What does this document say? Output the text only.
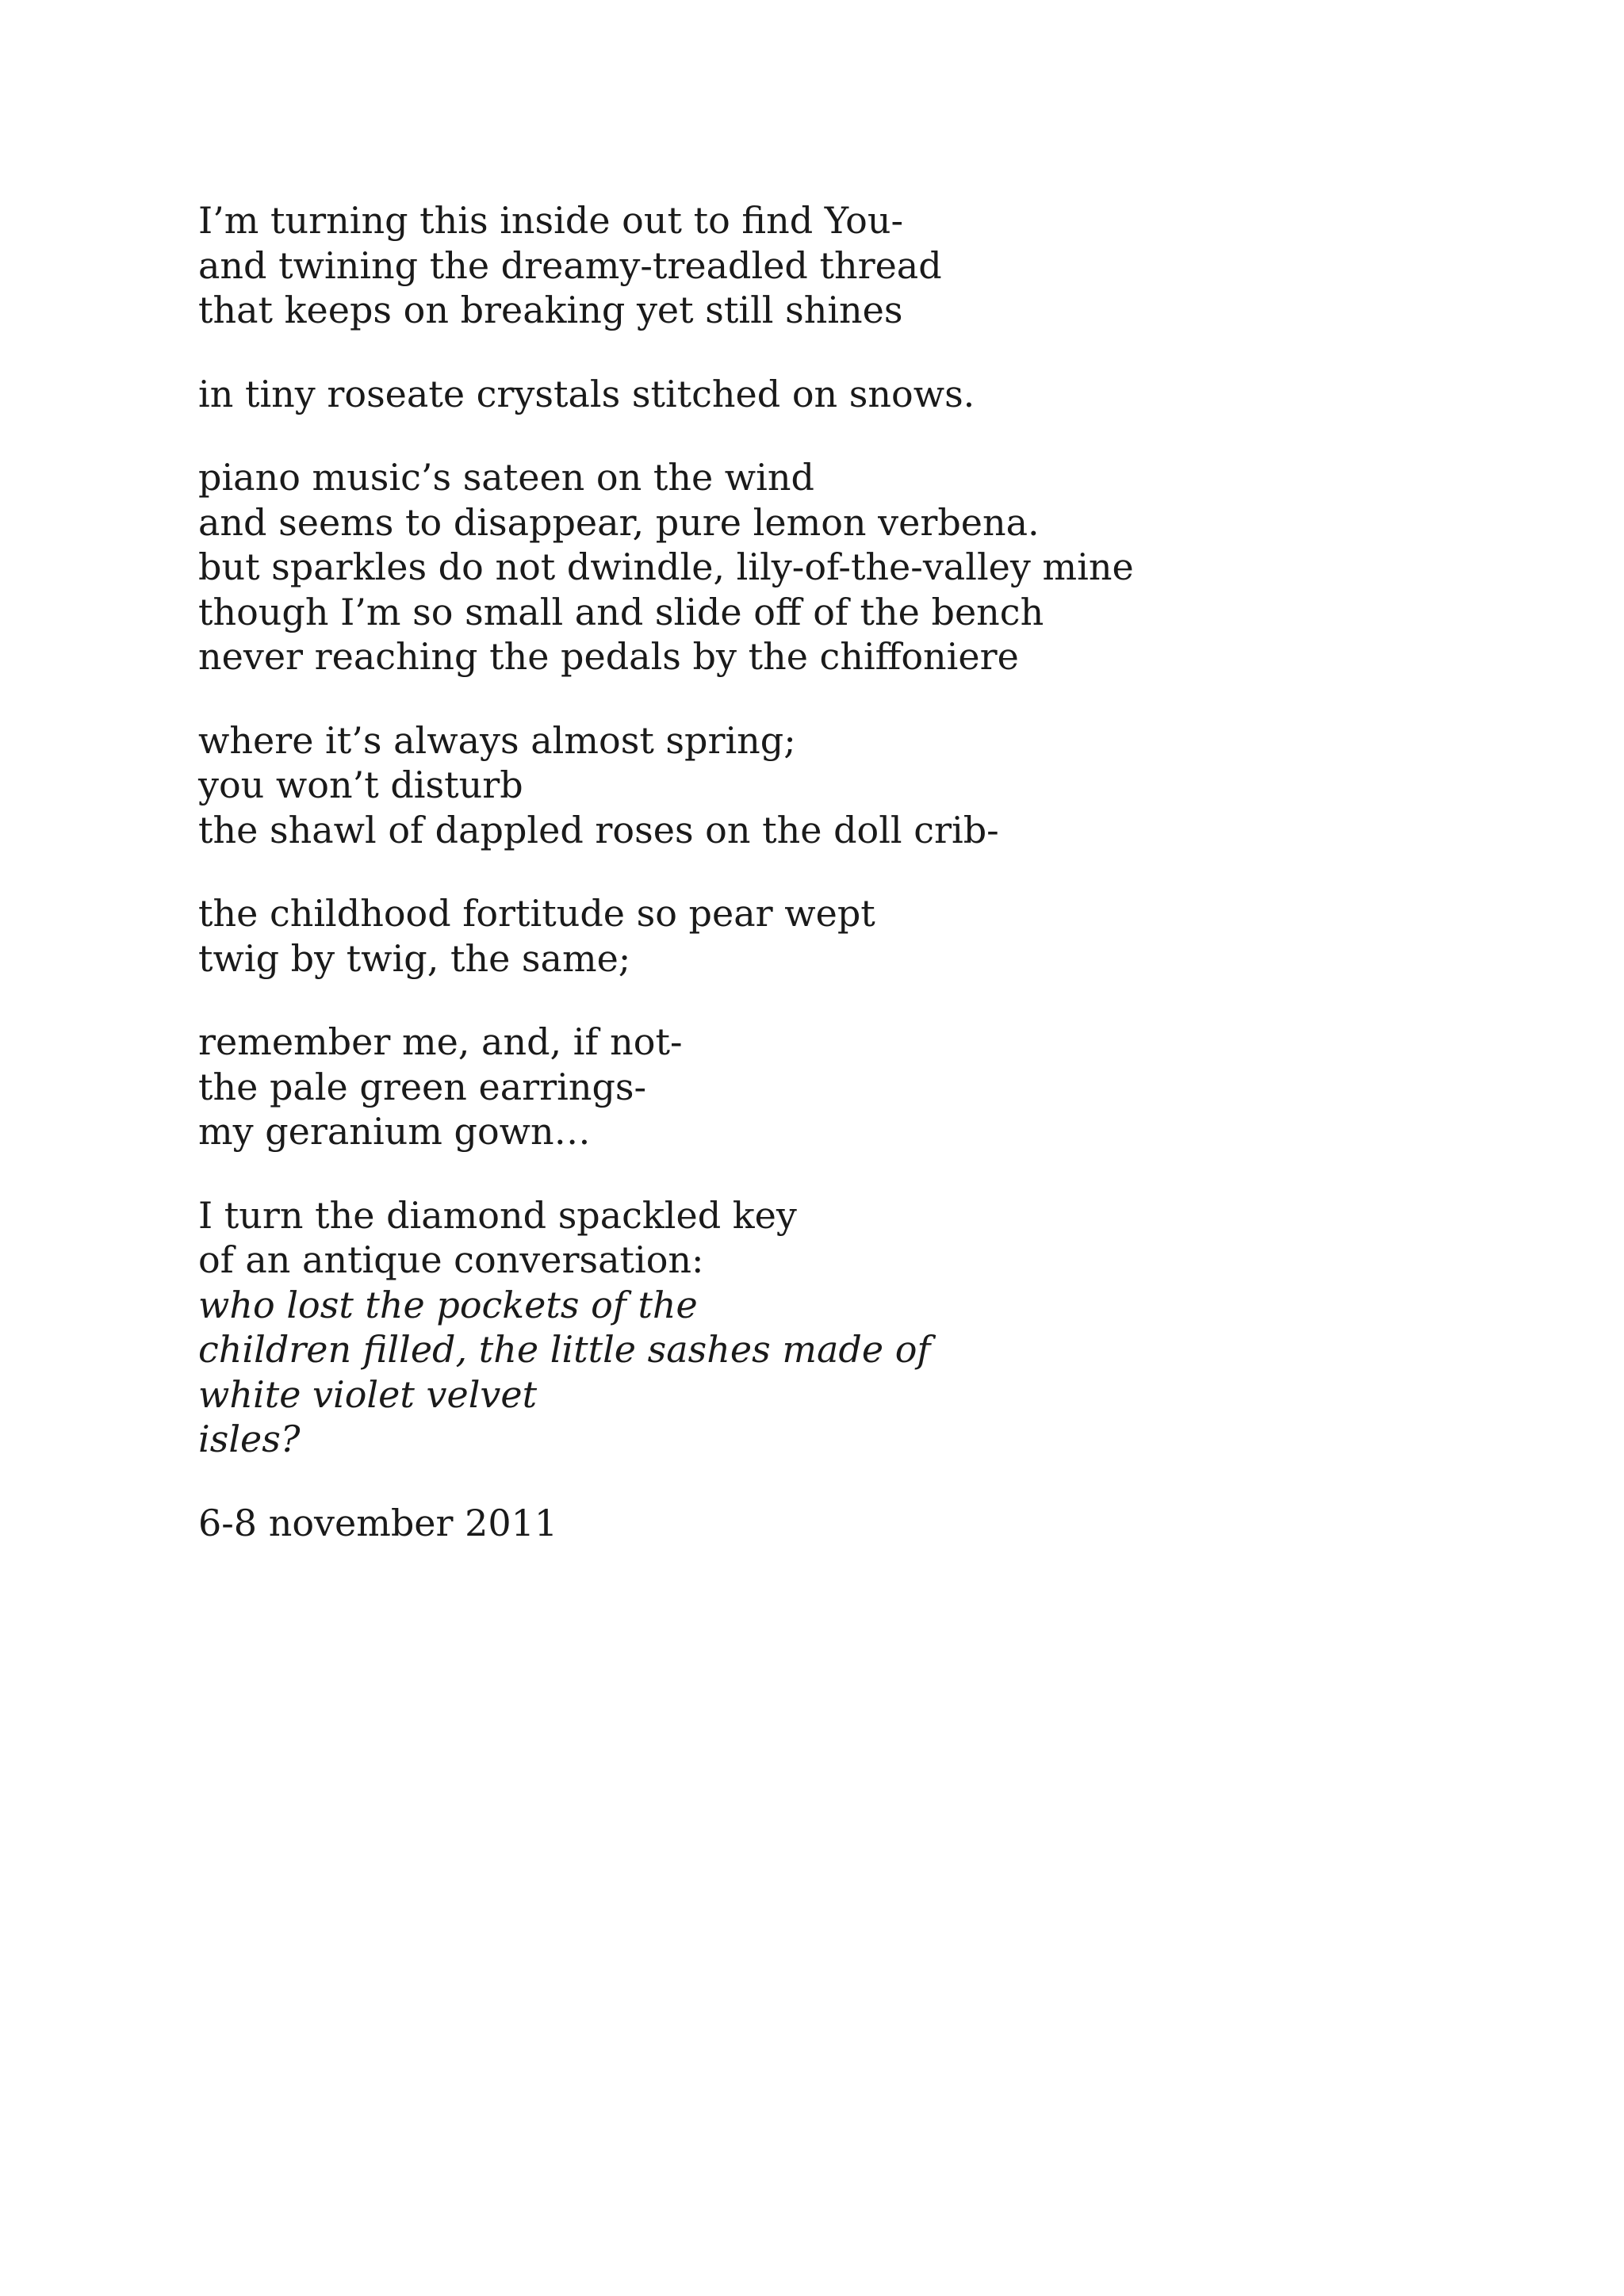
I’m turning this inside out to find You-
and twining the dreamy-treadled thread
that keeps on breaking yet still shines
in tiny roseate crystals stitched on snows.
piano music’s sateen on the wind
and seems to disappear, pure lemon verbena.
but sparkles do not dwindle, lily-of-the-valley mine
though I’m so small and slide off of the bench
never reaching the pedals by the chiffoniere
where it’s always almost spring;
you won’t disturb
the shawl of dappled roses on the doll crib-
the childhood fortitude so pear wept
twig by twig, the same;
remember me, and, if not-
the pale green earrings-
my geranium gown…
I turn the diamond spackled key
of an antique conversation:
who lost the pockets of the
children filled, the little sashes made of
white violet velvet
isles?
6-8 november 2011
